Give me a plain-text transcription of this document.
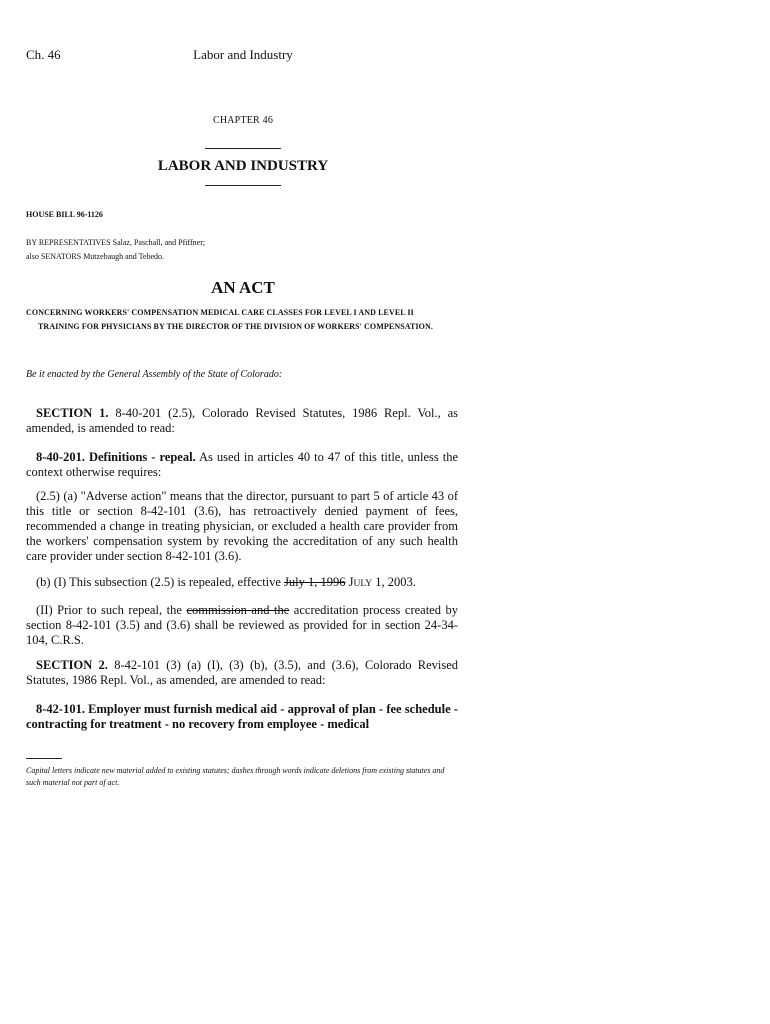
Ch. 46	Labor and Industry
CHAPTER 46
LABOR AND INDUSTRY
HOUSE BILL 96-1126
BY REPRESENTATIVES Salaz, Paschall, and Pfiffner;
also SENATORS Mutzebaugh and Tebedo.
AN ACT
CONCERNING WORKERS' COMPENSATION MEDICAL CARE CLASSES FOR LEVEL I AND LEVEL II
TRAINING FOR PHYSICIANS BY THE DIRECTOR OF THE DIVISION OF WORKERS' COMPENSATION.
Be it enacted by the General Assembly of the State of Colorado:
SECTION 1. 8-40-201 (2.5), Colorado Revised Statutes, 1986 Repl. Vol., as amended, is amended to read:
8-40-201. Definitions - repeal. As used in articles 40 to 47 of this title, unless the context otherwise requires:
(2.5) (a) "Adverse action" means that the director, pursuant to part 5 of article 43 of this title or section 8-42-101 (3.6), has retroactively denied payment of fees, recommended a change in treating physician, or excluded a health care provider from the workers' compensation system by revoking the accreditation of any such health care provider under section 8-42-101 (3.6).
(b) (I) This subsection (2.5) is repealed, effective July 1, 1996 JULY 1, 2003.
(II) Prior to such repeal, the commission and the accreditation process created by section 8-42-101 (3.5) and (3.6) shall be reviewed as provided for in section 24-34-104, C.R.S.
SECTION 2. 8-42-101 (3) (a) (I), (3) (b), (3.5), and (3.6), Colorado Revised Statutes, 1986 Repl. Vol., as amended, are amended to read:
8-42-101. Employer must furnish medical aid - approval of plan - fee schedule - contracting for treatment - no recovery from employee - medical
Capital letters indicate new material added to existing statutes; dashes through words indicate deletions from existing statutes and such material not part of act.
